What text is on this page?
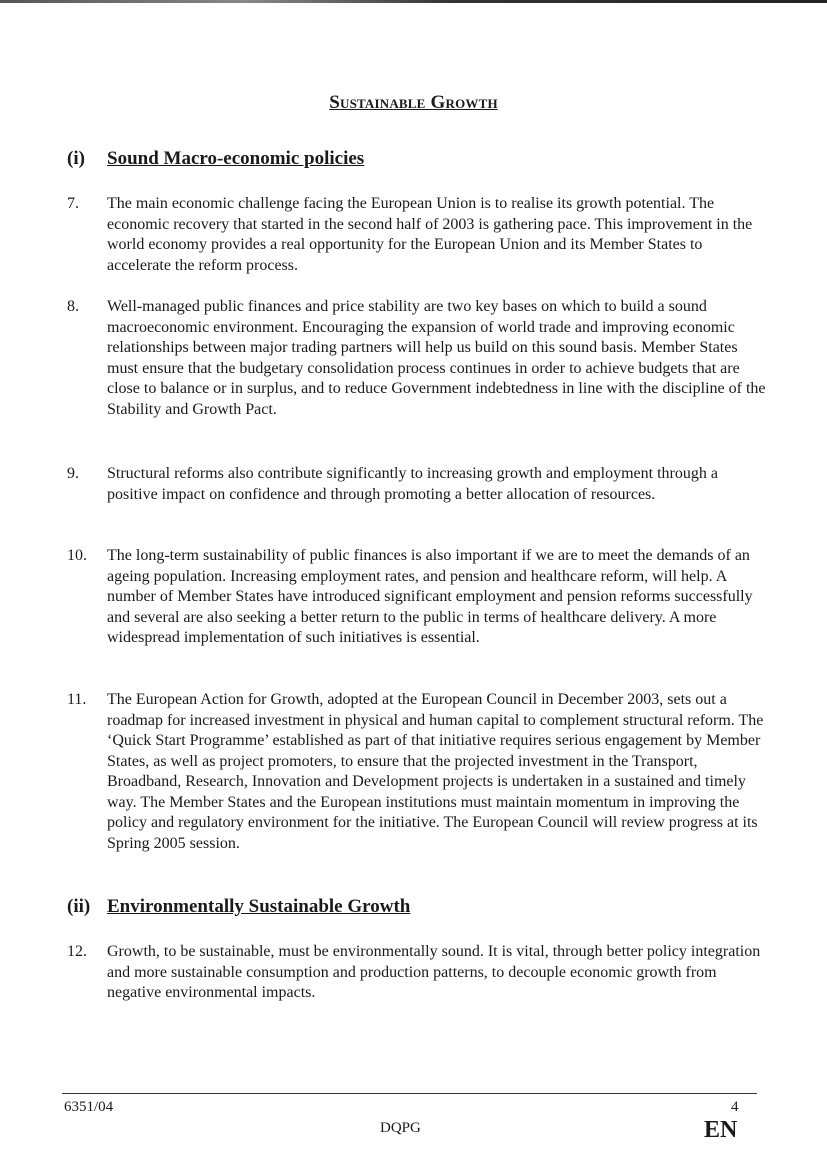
Sustainable Growth
(i) Sound Macro-economic policies
7. The main economic challenge facing the European Union is to realise its growth potential. The economic recovery that started in the second half of 2003 is gathering pace. This improvement in the world economy provides a real opportunity for the European Union and its Member States to accelerate the reform process.
8. Well-managed public finances and price stability are two key bases on which to build a sound macroeconomic environment. Encouraging the expansion of world trade and improving economic relationships between major trading partners will help us build on this sound basis. Member States must ensure that the budgetary consolidation process continues in order to achieve budgets that are close to balance or in surplus, and to reduce Government indebtedness in line with the discipline of the Stability and Growth Pact.
9. Structural reforms also contribute significantly to increasing growth and employment through a positive impact on confidence and through promoting a better allocation of resources.
10. The long-term sustainability of public finances is also important if we are to meet the demands of an ageing population. Increasing employment rates, and pension and healthcare reform, will help. A number of Member States have introduced significant employment and pension reforms successfully and several are also seeking a better return to the public in terms of healthcare delivery. A more widespread implementation of such initiatives is essential.
11. The European Action for Growth, adopted at the European Council in December 2003, sets out a roadmap for increased investment in physical and human capital to complement structural reform. The ‘Quick Start Programme’ established as part of that initiative requires serious engagement by Member States, as well as project promoters, to ensure that the projected investment in the Transport, Broadband, Research, Innovation and Development projects is undertaken in a sustained and timely way. The Member States and the European institutions must maintain momentum in improving the policy and regulatory environment for the initiative. The European Council will review progress at its Spring 2005 session.
(ii) Environmentally Sustainable Growth
12. Growth, to be sustainable, must be environmentally sound. It is vital, through better policy integration and more sustainable consumption and production patterns, to decouple economic growth from negative environmental impacts.
6351/04
DQPG
4
EN
